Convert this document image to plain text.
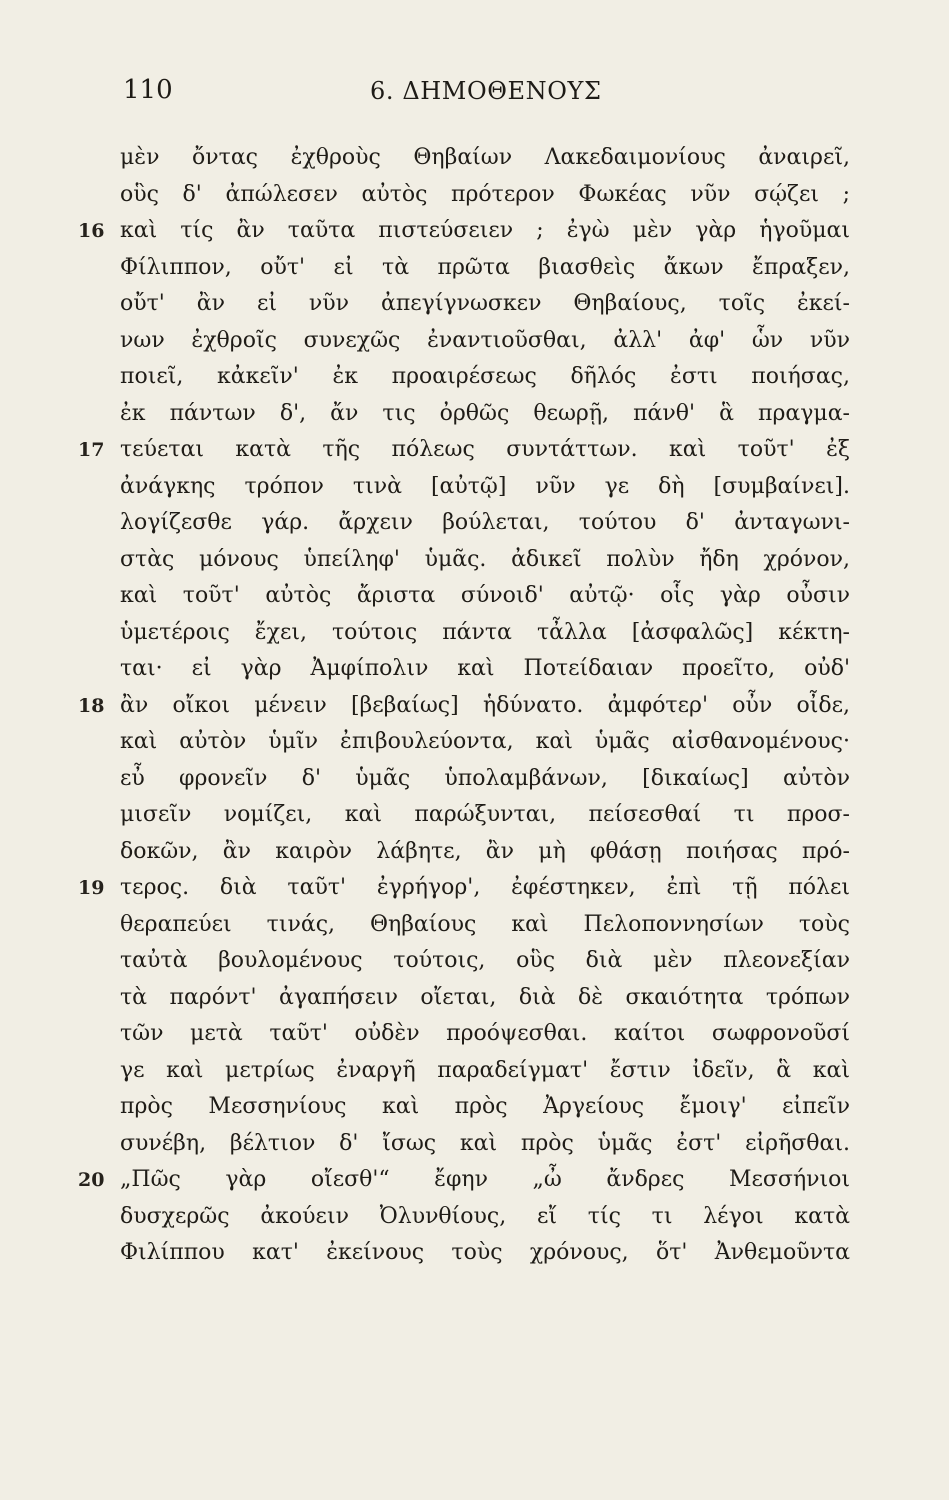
110	6. ΔΗΜΟΘΕΝΟΥΣ
μὲν ὄντας ἐχθροὺς Θηβαίων Λακεδαιμονίους ἀναιρεῖ,
οὓς δ' ἀπώλεσεν αὐτὸς πρότερον Φωκέας νῦν σῴζει ;
16 καὶ τίς ἂν ταῦτα πιστεύσειεν ; ἐγὼ μὲν γὰρ ἡγοῦμαι
Φίλιππον, οὔτ' εἰ τὰ πρῶτα βιασθεὶς ἄκων ἔπραξεν,
οὔτ' ἂν εἰ νῦν ἀπεγίγνωσκεν Θηβαίους, τοῖς ἐκεί-
νων ἐχθροῖς συνεχῶς ἐναντιοῦσθαι, ἀλλ' ἀφ' ὧν νῦν
ποιεῖ, κἀκεῖν' ἐκ προαιρέσεως δῆλός ἐστι ποιήσας,
ἐκ πάντων δ', ἄν τις ὀρθῶς θεωρῇ, πάνθ' ἃ πραγμα-
17 τεύεται κατὰ τῆς πόλεως συντάττων. καὶ τοῦτ' ἐξ
ἀνάγκης τρόπον τινὰ [αὐτῷ] νῦν γε δὴ [συμβαίνει].
λογίζεσθε γάρ. ἄρχειν βούλεται, τούτου δ' ἀνταγωνι-
στὰς μόνους ὑπείληφ' ὑμᾶς. ἀδικεῖ πολὺν ἤδη χρόνον,
καὶ τοῦτ' αὐτὸς ἄριστα σύνοιδ' αὐτῷ· οἷς γὰρ οὖσιν
ὑμετέροις ἔχει, τούτοις πάντα τἆλλα [ἀσφαλῶς] κέκτη-
ται· εἰ γὰρ Ἀμφίπολιν καὶ Ποτείδαιαν προεῖτο, οὐδ'
18 ἂν οἴκοι μένειν [βεβαίως] ἡδύνατο. ἀμφότερ' οὖν οἶδε,
καὶ αὐτὸν ὑμῖν ἐπιβουλεύοντα, καὶ ὑμᾶς αἰσθανομένους·
εὖ φρονεῖν δ' ὑμᾶς ὑπολαμβάνων, [δικαίως] αὐτὸν
μισεῖν νομίζει, καὶ παρώξυνται, πείσεσθαί τι προσ-
δοκῶν, ἂν καιρὸν λάβητε, ἂν μὴ φθάσῃ ποιήσας πρό-
19 τερος. διὰ ταῦτ' ἐγρήγορ', ἐφέστηκεν, ἐπὶ τῇ πόλει
θεραπεύει τινάς, Θηβαίους καὶ Πελοποννησίων τοὺς
ταὐτὰ βουλομένους τούτοις, οὓς διὰ μὲν πλεονεξίαν
τὰ παρόντ' ἀγαπήσειν οἴεται, διὰ δὲ σκαιότητα τρόπων
τῶν μετὰ ταῦτ' οὐδὲν προόψεσθαι. καίτοι σωφρονοῦσί
γε καὶ μετρίως ἐναργῆ παραδείγματ' ἔστιν ἰδεῖν, ἃ καὶ
πρὸς Μεσσηνίους καὶ πρὸς Ἀργείους ἔμοιγ' εἰπεῖν
συνέβη, βέλτιον δ' ἴσως καὶ πρὸς ὑμᾶς ἐστ' εἰρῆσθαι.
20 „Πῶς γὰρ οἴεσθ'“ ἔφην „ὦ ἄνδρες Μεσσήνιοι
δυσχερῶς ἀκούειν Ὀλυνθίους, εἴ τίς τι λέγοι κατὰ
Φιλίππου κατ' ἐκείνους τοὺς χρόνους, ὅτ' Ἀνθεμοῦντα
